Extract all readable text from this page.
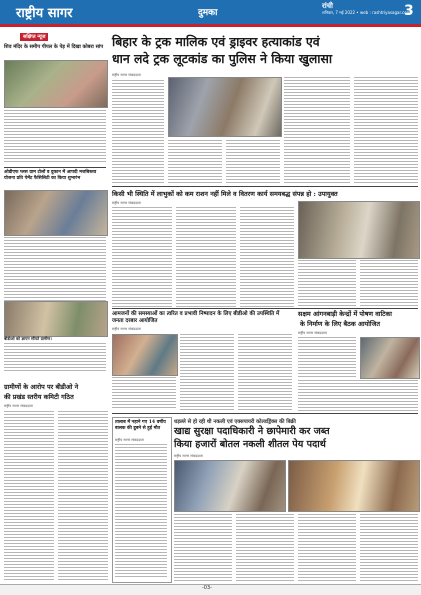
राष्ट्रीय सागर	दुमका
रांची
शनिवार, 7 मई 2022 • web : rashtriyasagar.com
3
सक्षिप्त न्यूज
शिव मंदिर के समीप पीपल के पेड़ में दिखा कोबरा सांप
ओडीएफ प्लस ग्राम टोलों व दुकान में आपदी मजबिस्तव योजना प्रति पेमेंट फैसिलिटी का किया शुभारंभ
बीडीओ को ज्ञापन सौंपते ग्रामीण।
बिहार के ट्रक मालिक एवं ड्राइवर हत्याकांड एवं
धान लदे ट्रक लूटकांड का पुलिस ने किया खुलासा
राष्ट्रीय सागर संवाददाता
किसी भी स्थिति में लाभुकों को कम राशन नहीं मिले व वितरण कार्य समयबद्ध संपन्न हो : उपायुक्त
राष्ट्रीय सागर संवाददाता
आमजनों की समस्याओं का त्वरित व प्रभावी निष्पादन के लिए बीडीओ की उपस्थिति में जनता दरबार आयोजित
राष्ट्रीय सागर संवाददाता
सक्षम आंगनबाड़ी केन्द्रों में पोषण वाटिका
के निर्माण के लिए बैठक आयोजित
राष्ट्रीय सागर संवाददाता
ग्रामीणों के आरोप पर बीडीओ ने
की प्रखंड स्तरीय कमिटी गठित
राष्ट्रीय सागर संवाददाता
तालाब में नहाने गए 14 वर्षीय बालक की डूबने से हुई मौत
राष्ट्रीय सागर संवाददाता
धड़ल्ले से हो रही थी नकली एवं एक्सपायरी कोल्डड्रिंक्स की बिक्री
खाद्य सुरक्षा पदाधिकारी ने छापेमारी कर जब्त
किया हजारों बोतल नकली शीतल पेय पदार्थ
राष्ट्रीय सागर संवाददाता
-03-
